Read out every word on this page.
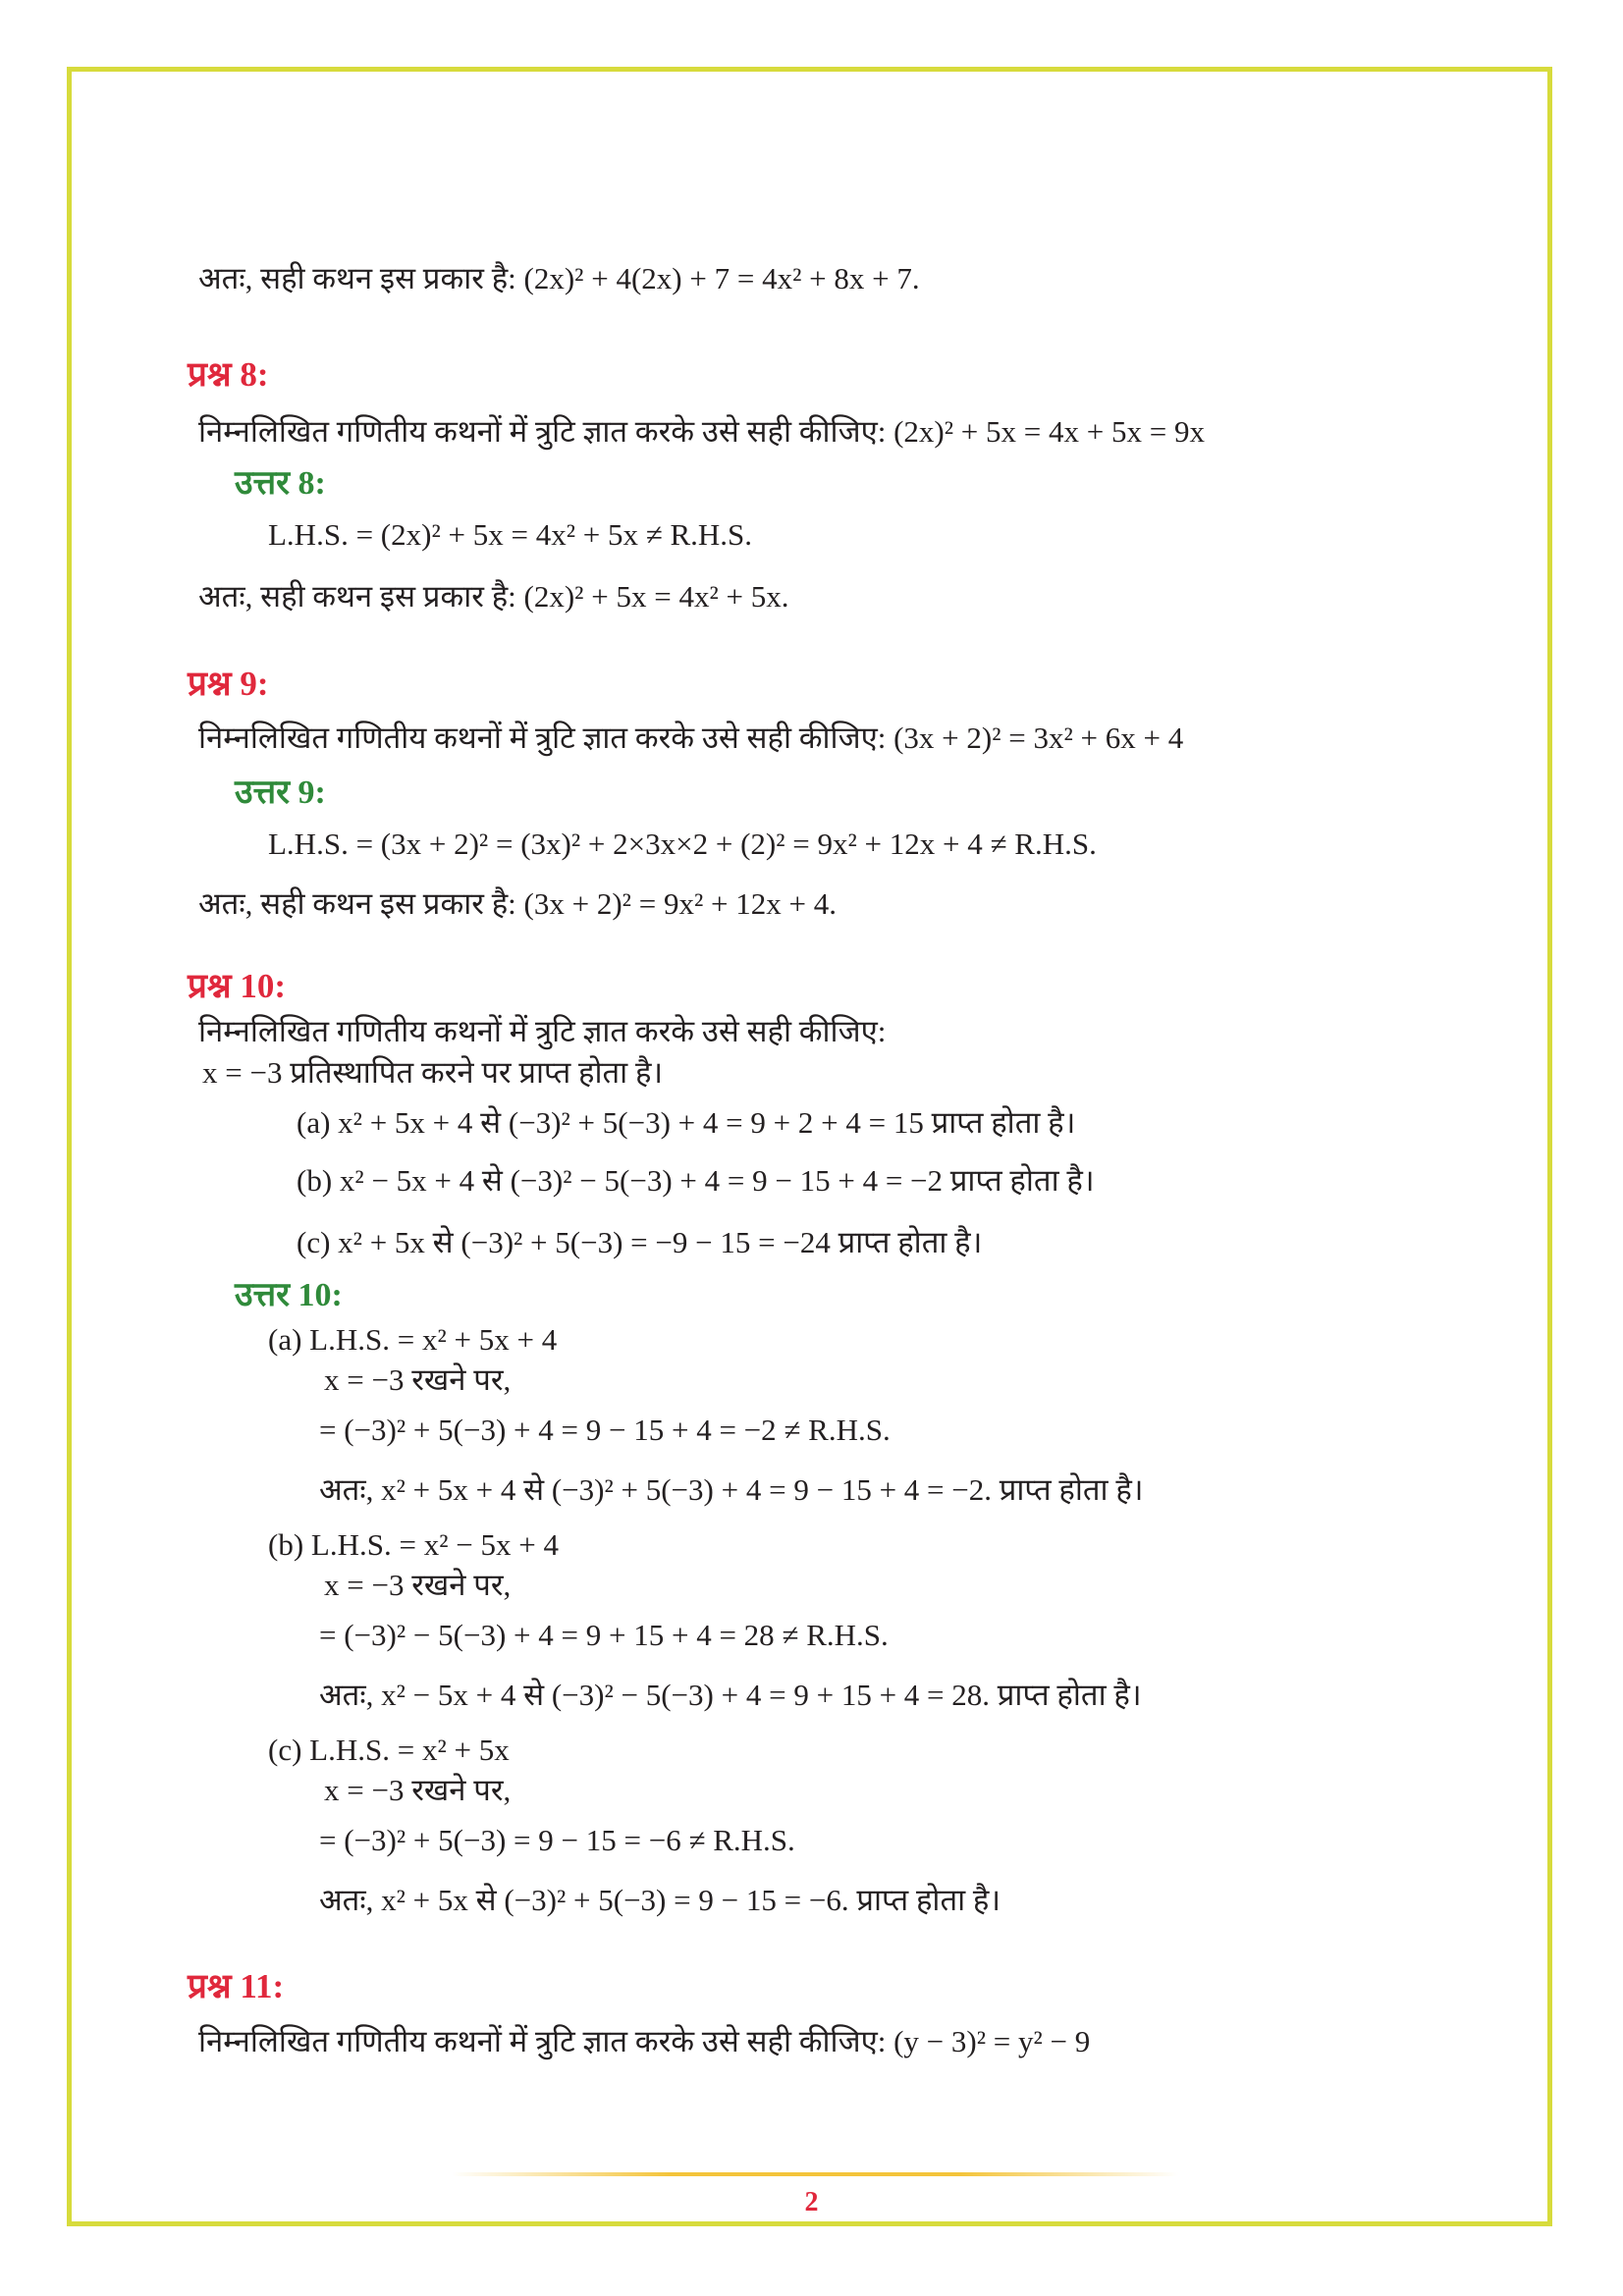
अतः, सही कथन इस प्रकार है: (2x)² + 4(2x) + 7 = 4x² + 8x + 7.
प्रश्न 8:
निम्नलिखित गणितीय कथनों में त्रुटि ज्ञात करके उसे सही कीजिए: (2x)² + 5x = 4x + 5x = 9x
उत्तर 8:
L.H.S. = (2x)² + 5x = 4x² + 5x ≠ R.H.S.
अतः, सही कथन इस प्रकार है: (2x)² + 5x = 4x² + 5x.
प्रश्न 9:
निम्नलिखित गणितीय कथनों में त्रुटि ज्ञात करके उसे सही कीजिए: (3x + 2)² = 3x² + 6x + 4
उत्तर 9:
L.H.S. = (3x + 2)² = (3x)² + 2×3x×2 + (2)² = 9x² + 12x + 4 ≠ R.H.S.
अतः, सही कथन इस प्रकार है: (3x + 2)² = 9x² + 12x + 4.
प्रश्न 10:
निम्नलिखित गणितीय कथनों में त्रुटि ज्ञात करके उसे सही कीजिए:
x = −3 प्रतिस्थापित करने पर प्राप्त होता है।
(a) x² + 5x + 4 से (−3)² + 5(−3) + 4 = 9 + 2 + 4 = 15 प्राप्त होता है।
(b) x² − 5x + 4 से (−3)² − 5(−3) + 4 = 9 − 15 + 4 = −2 प्राप्त होता है।
(c) x² + 5x से (−3)² + 5(−3) = −9 − 15 = −24 प्राप्त होता है।
उत्तर 10:
(a) L.H.S. = x² + 5x + 4
x = −3 रखने पर,
= (−3)² + 5(−3) + 4 = 9 − 15 + 4 = −2 ≠ R.H.S.
अतः, x² + 5x + 4 से (−3)² + 5(−3) + 4 = 9 − 15 + 4 = −2. प्राप्त होता है।
(b) L.H.S. = x² − 5x + 4
x = −3 रखने पर,
= (−3)² − 5(−3) + 4 = 9 + 15 + 4 = 28 ≠ R.H.S.
अतः, x² − 5x + 4 से (−3)² − 5(−3) + 4 = 9 + 15 + 4 = 28. प्राप्त होता है।
(c) L.H.S. = x² + 5x
x = −3 रखने पर,
= (−3)² + 5(−3) = 9 − 15 = −6 ≠ R.H.S.
अतः, x² + 5x से (−3)² + 5(−3) = 9 − 15 = −6. प्राप्त होता है।
प्रश्न 11:
निम्नलिखित गणितीय कथनों में त्रुटि ज्ञात करके उसे सही कीजिए: (y − 3)² = y² − 9
2
